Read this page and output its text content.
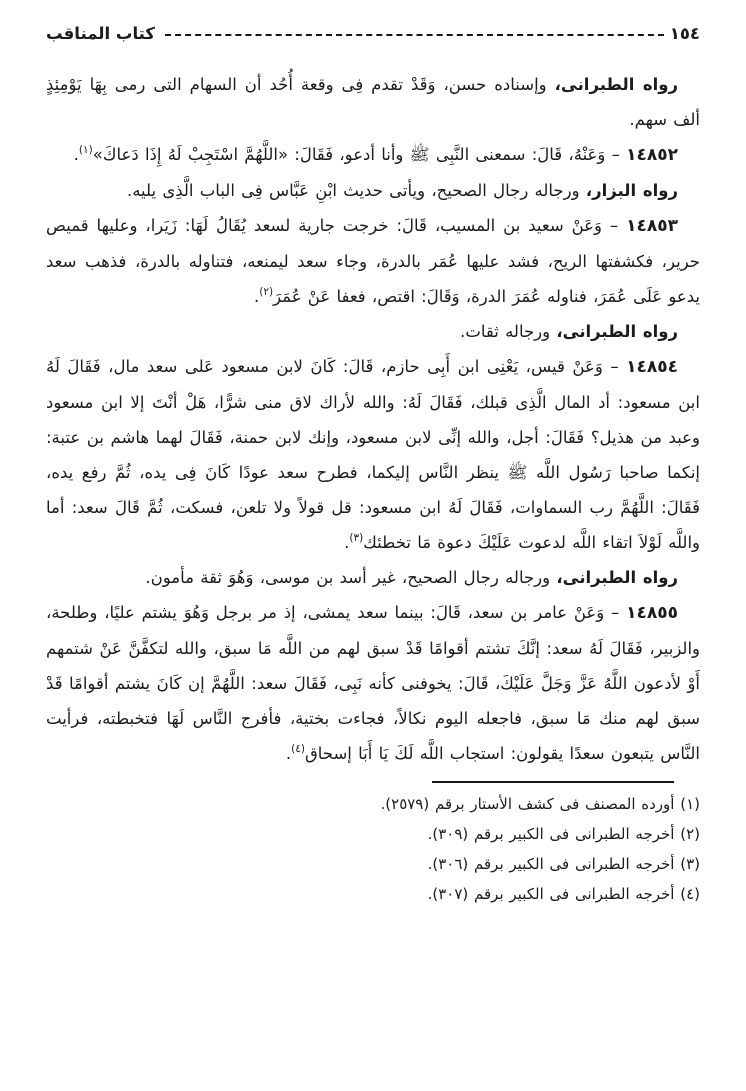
كتاب المناقب	١٥٤

رواه الطبرانى، وإسناده حسن، وَقَدْ تقدم فِى وقعة أُحُد أن السهام التى رمى بِهَا يَوْمِئِذٍ ألف سهم.

١٤٨٥٢ – وَعَنْهُ، قَالَ: سمعنى النَّبِى ﷺ وأنا أدعو، فَقَالَ: «اللَّهُمَّ اسْتَجِبْ لَهُ إِذَا دَعاكَ»$^{(١)}$.

رواه البزار، ورجاله رجال الصحيح، ويأتى حديث ابْنِ عَبَّاس فِى الباب الَّذِى يليه.

١٤٨٥٣ – وَعَنْ سعيد بن المسيب، قَالَ: خرجت جارية لسعد يُقَالُ لَهَا: زَيَرا، وعليها قميص حرير، فكشفتها الريح، فشد عليها عُمَر بالدرة، وجاء سعد ليمنعه، فتناوله بالدرة، فذهب سعد يدعو عَلَى عُمَرَ، فناوله عُمَرَ الدرة، وَقَالَ: اقتص، فعفا عَنْ عُمَرَ$^{(٢)}$.

رواه الطبرانى، ورجاله ثقات.

١٤٨٥٤ – وَعَنْ قيس، يَعْنِى ابن أَبِى حازم، قَالَ: كَانَ لابن مسعود عَلى سعد مال، فَقَالَ لَهُ ابن مسعود: أد المال الَّذِى قبلك، فَقَالَ لَهُ: والله لأراك لاق منى شرًّا، هَلْ أنْتَ إلا ابن مسعود وعبد من هذيل؟ فَقَالَ: أجل، والله إنِّى لابن مسعود، وإنك لابن حمنة، فَقَالَ لهما هاشم بن عتبة: إنكما صاحبا رَسُول اللَّه ﷺ ينظر النَّاس إليكما، فطرح سعد عودًا كَانَ فِى يده، ثُمَّ رفع يده، فَقَالَ: اللَّهُمَّ رب السماوات، فَقَالَ لَهُ ابن مسعود: قل قولاً ولا تلعن، فسكت، ثُمَّ قَالَ سعد: أما واللَّه لَوْلاَ اتقاء اللَّه لدعوت عَلَيْكَ دعوة مَا تخطئك$^{(٣)}$.

رواه الطبرانى، ورجاله رجال الصحيح، غير أسد بن موسى، وَهُوَ ثقة مأمون.

١٤٨٥٥ – وَعَنْ عامر بن سعد، قَالَ: بينما سعد يمشى، إذ مر برجل وَهُوَ يشتم عليًا، وطلحة، والزبير، فَقَالَ لَهُ سعد: إنَّكَ تشتم أقوامًا قَدْ سبق لهم من اللَّه مَا سبق، والله لتكفَّنَّ عَنْ شتمهم أَوْ لأدعون اللَّهُ عَزَّ وَجَلَّ عَلَيْكَ، قَالَ: يخوفنى كأنه نَبِى، فَقَالَ سعد: اللَّهُمَّ إن كَانَ يشتم أقوامًا قَدْ سبق لهم منك مَا سبق، فاجعله اليوم نكالاً، فجاءت بختية، فأفرج النَّاس لَهَا فتخبطته، فرأيت النَّاس يتبعون سعدًا يقولون: استجاب اللَّه لَكَ يَا أَبَا إسحاق$^{(٤)}$.

(١) أورده المصنف فى كشف الأستار برقم (٢٥٧٩).

(٢) أخرجه الطبرانى فى الكبير برقم (٣٠٩).

(٣) أخرجه الطبرانى فى الكبير برقم (٣٠٦).

(٤) أخرجه الطبرانى فى الكبير برقم (٣٠٧).
